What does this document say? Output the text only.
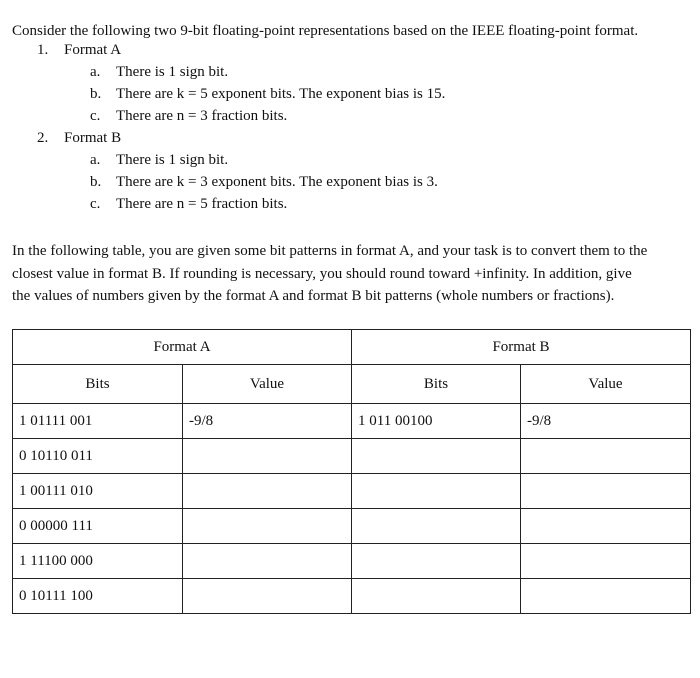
Consider the following two 9-bit floating-point representations based on the IEEE floating-point format.
1. Format A
a. There is 1 sign bit.
b. There are k = 5 exponent bits. The exponent bias is 15.
c. There are n = 3 fraction bits.
2. Format B
a. There is 1 sign bit.
b. There are k = 3 exponent bits. The exponent bias is 3.
c. There are n = 5 fraction bits.
In the following table, you are given some bit patterns in format A, and your task is to convert them to the
closest value in format B. If rounding is necessary, you should round toward +infinity. In addition, give
the values of numbers given by the format A and format B bit patterns (whole numbers or fractions).
Format A		Format B	
Bits	Value	Bits	Value
1 01111 001	-9/8	1 011 00100	-9/8
0 10110 011			
1 00111 010			
0 00000 111			
1 11100 000			
0 10111 100			
